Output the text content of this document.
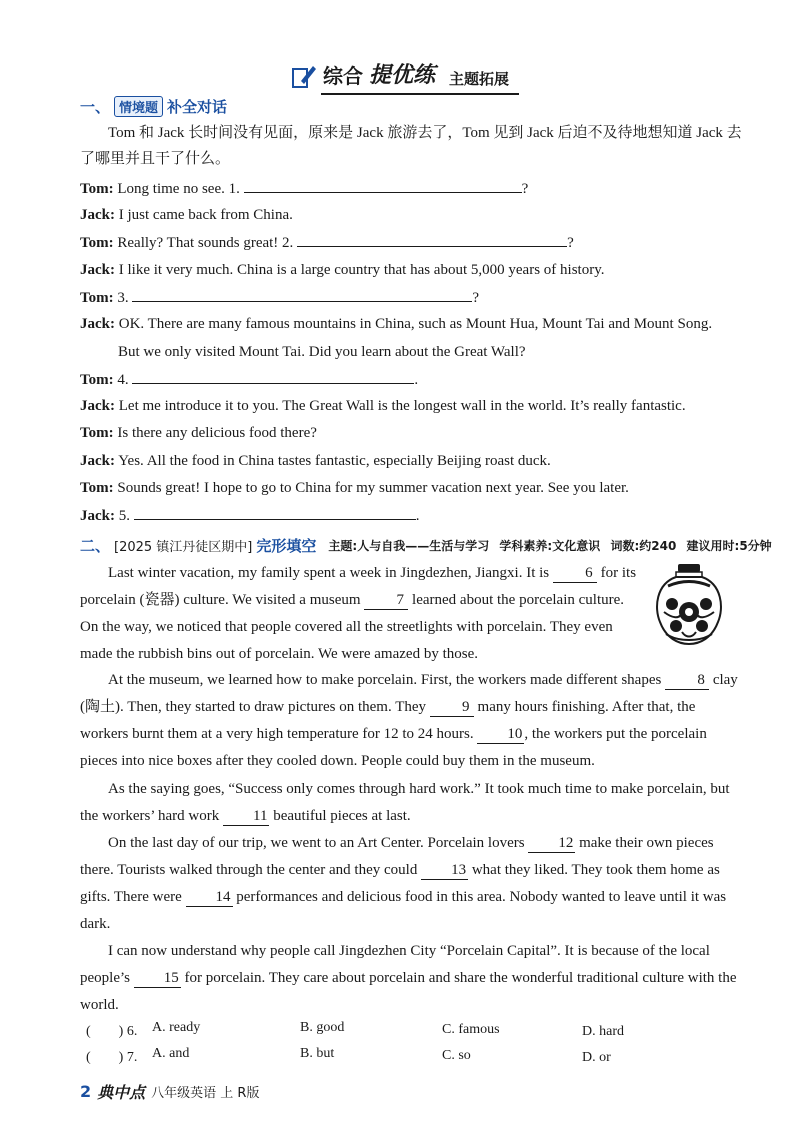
综合 提优练 主题拓展
一、 情境题 补全对话
Tom 和 Jack 长时间没有见面，原来是 Jack 旅游去了，Tom 见到 Jack 后迫不及待地想知道 Jack 去了哪里并且干了什么。
Tom: Long time no see. 1.	?
Jack: I just came back from China.
Tom: Really? That sounds great! 2.	?
Jack: I like it very much. China is a large country that has about 5,000 years of history.
Tom: 3.	?
Jack: OK. There are many famous mountains in China, such as Mount Hua, Mount Tai and Mount Song.
But we only visited Mount Tai. Did you learn about the Great Wall?
Tom: 4.	.
Jack: Let me introduce it to you. The Great Wall is the longest wall in the world. It’s really fantastic.
Tom: Is there any delicious food there?
Jack: Yes. All the food in China tastes fantastic, especially Beijing roast duck.
Tom: Sounds great! I hope to go to China for my summer vacation next year. See you later.
Jack: 5.	.
二、 [2025 镇江丹徒区期中] 完形填空 主题:人与自我——生活与学习 学科素养:文化意识 词数:约240 建议用时:5分钟
Last winter vacation, my family spent a week in Jingdezhen, Jiangxi. It is 6 for its porcelain (瓷器) culture. We visited a museum 7 learned about the porcelain culture. On the way, we noticed that people covered all the streetlights with porcelain. They even made the rubbish bins out of porcelain. We were amazed by those.
At the museum, we learned how to make porcelain. First, the workers made different shapes 8 clay (陶土). Then, they started to draw pictures on them. They 9 many hours finishing. After that, the workers burnt them at a very high temperature for 12 to 24 hours. 10 , the workers put the porcelain pieces into nice boxes after they cooled down. People could buy them in the museum.
As the saying goes, “Success only comes through hard work.” It took much time to make porcelain, but the workers’ hard work 11 beautiful pieces at last.
On the last day of our trip, we went to an Art Center. Porcelain lovers 12 make their own pieces there. Tourists walked through the center and they could 13 what they liked. They took them home as gifts. There were 14 performances and delicious food in this area. Nobody wanted to leave until it was dark.
I can now understand why people call Jingdezhen City “Porcelain Capital”. It is because of the local people’s 15 for porcelain. They care about porcelain and share the wonderful traditional culture with the world.
(　　) 6. A. ready	B. good	C. famous	D. hard
(　　) 7. A. and	B. but	C. so	D. or
2 典中点 八年级英语 上 R版
